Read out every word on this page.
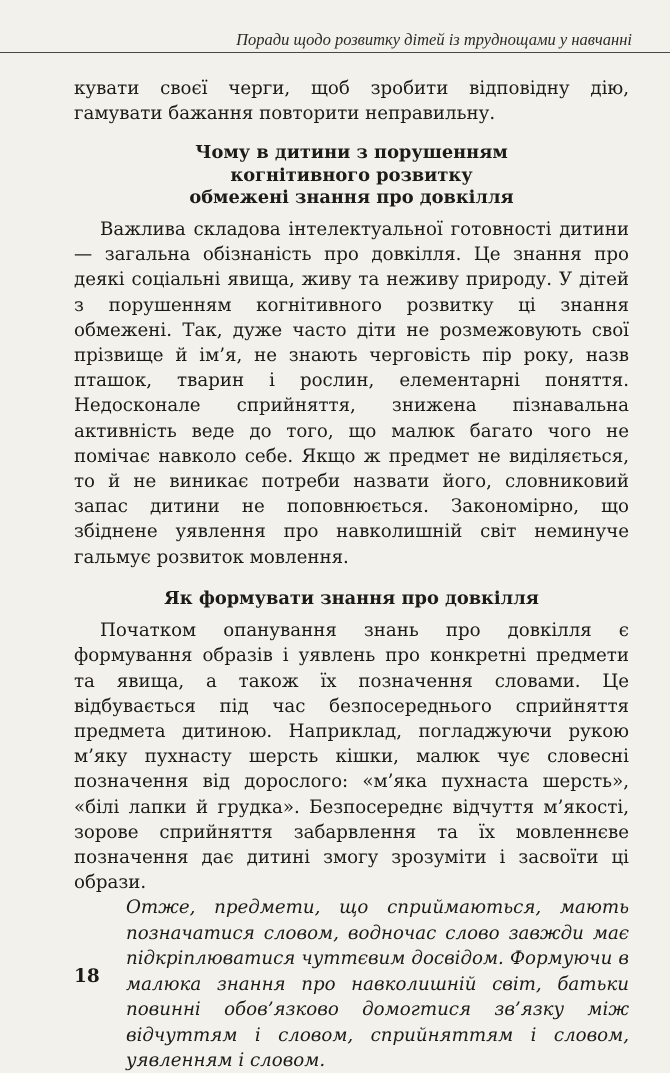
Поради щодо розвитку дітей із труднощами у навчанні

кувати своєї черги, щоб зробити відповідну дію, гамувати бажання повторити неправильну.

Чому в дитини з порушенням
когнітивного розвитку
обмежені знання про довкілля

Важлива складова інтелектуальної готовності дитини — загальна обізнаність про довкілля. Це знання про деякі соціальні явища, живу та неживу природу. У дітей з порушенням когнітивного розвитку ці знання обмежені. Так, дуже часто діти не розмежовують свої прізвище й ім’я, не знають черговість пір року, назв пташок, тварин і рослин, елементарні поняття. Недосконале сприйняття, знижена пізнавальна активність веде до того, що малюк багато чого не помічає навколо себе. Якщо ж предмет не виділяється, то й не виникає потреби назвати його, словниковий запас дитини не поповнюється. Закономірно, що збіднене уявлення про навколишній світ неминуче гальмує розвиток мовлення.

Як формувати знання про довкілля

Початком опанування знань про довкілля є формування образів і уявлень про конкретні предмети та явища, а також їх позначення словами. Це відбувається під час безпосереднього сприйняття предмета дитиною. Наприклад, погладжуючи рукою м’яку пухнасту шерсть кішки, малюк чує словесні позначення від дорослого: «м’яка пухнаста шерсть», «білі лапки й грудка». Безпосереднє відчуття м’якості, зорове сприйняття забарвлення та їх мовленнєве позначення дає дитині змогу зрозуміти і засвоїти ці образи.

Отже, предмети, що сприймаються, мають позначатися словом, водночас слово завжди має підкріплюватися чуттєвим досвідом. Формуючи в малюка знання про навколишній світ, батьки повинні обов’язково домогтися зв’язку між відчуттям і словом, сприйняттям і словом, уявленням і словом.

18
